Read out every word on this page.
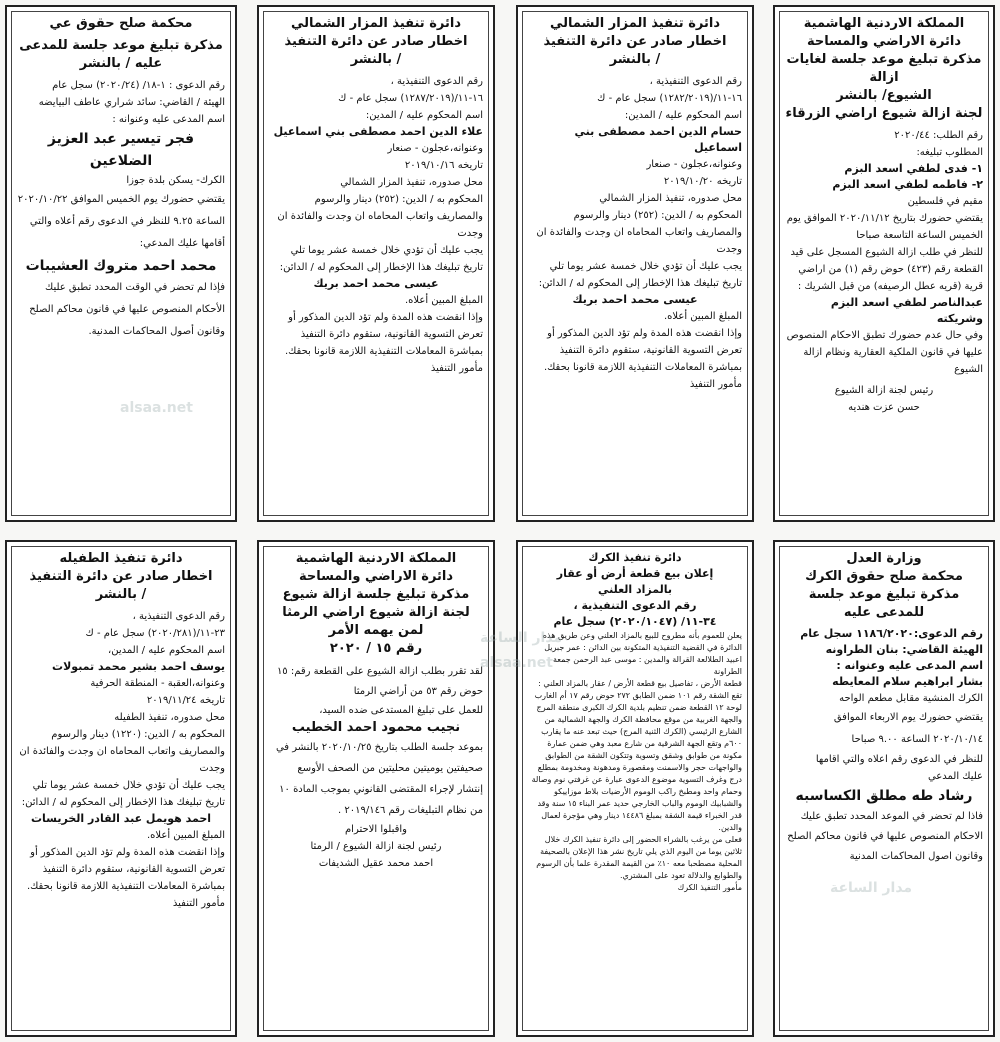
المملكة الاردنية الهاشمية
دائرة الاراضي والمساحة
مذكرة تبليغ موعد جلسة لغايات ازالة
الشيوع/ بالنشر
لجنة ازالة شيوع اراضي الزرقاء
رقم الطلب: ٢٠٢٠/٤٤
المطلوب تبليغه:
١- فدى لطفي اسعد البزم
٢- فاطمه لطفي اسعد البزم
مقيم في فلسطين
يقتضي حضورك بتاريخ ٢٠٢٠/١١/١٢ الموافق يوم الخميس الساعة التاسعة صباحا
للنظر في طلب ازالة الشيوع المسجل على قيد القطعة رقم (٤٢٣) حوض رقم (١) من اراضي قرية (قريه عطل الرصيفه) من قبل الشريك :
عبدالناصر لطفي اسعد البزم وشريكته
وفي حال عدم حضورك تطبق الاحكام المنصوص عليها في قانون الملكية العقارية ونظام ازالة الشيوع
رئيس لجنة ازالة الشيوع
حسن عزت هنديه
دائرة تنفيذ المزار الشمالي
اخطار صادر عن دائرة التنفيذ
/ بالنشر
رقم الدعوى التنفيذية ،
١٦-١١/(١٢٨٢/٢٠١٩) سجل عام - ك
اسم المحكوم عليه / المدين:
حسام الدين احمد مصطفى بني اسماعيل
وعنوانه،عجلون - صنعار
تاريخه ٢٠١٩/١٠/٢٠
محل صدوره، تنفيذ المزار الشمالي
المحكوم به / الدين: (٢٥٢) دينار والرسوم والمصاريف واتعاب المحاماه ان وجدت والفائدة ان وجدت
يجب عليك أن تؤدي خلال خمسة عشر يوما تلي تاريخ تبليغك هذا الإخطار إلى المحكوم له / الدائن:
عيسى محمد احمد بريك
المبلغ المبين أعلاه.
وإذا انقضت هذه المدة ولم تؤد الدين المذكور أو تعرض التسوية القانونية، ستقوم دائرة التنفيذ بمباشرة المعاملات التنفيذية اللازمة قانونا بحقك.
مأمور التنفيذ
دائرة تنفيذ المزار الشمالي
اخطار صادر عن دائرة التنفيذ
/ بالنشر
رقم الدعوى التنفيذية ،
١٦-١١/(١٢٨٧/٢٠١٩) سجل عام - ك
اسم المحكوم عليه / المدين:
علاء الدين احمد مصطفى بني اسماعيل
وعنوانه،عجلون - صنعار
تاريخه ٢٠١٩/١٠/١٦
محل صدوره، تنفيذ المزار الشمالي
المحكوم به / الدين: (٢٥٢) دينار والرسوم والمصاريف واتعاب المحاماه ان وجدت والفائدة ان وجدت
يجب عليك أن تؤدي خلال خمسة عشر يوما تلي تاريخ تبليغك هذا الإخطار إلى المحكوم له / الدائن:
عيسى محمد احمد بريك
المبلغ المبين أعلاه.
وإذا انقضت هذه المدة ولم تؤد الدين المذكور أو تعرض التسوية القانونية، ستقوم دائرة التنفيذ بمباشرة المعاملات التنفيذية اللازمة قانونا بحقك.
مأمور التنفيذ
محكمة صلح حقوق عي
مذكرة تبليغ موعد جلسة للمدعى
عليه / بالنشر
رقم الدعوى : ١-١٨/ (٢٠٢٠/٢٤) سجل عام
الهيئة / القاضي: سائد شراري عاطف البيايضه
اسم المدعى عليه وعنوانه :
فجر تيسير عبد العزيز الضلاعين
الكرك- يسكن بلدة جوزا
يقتضي حضورك يوم الخميس الموافق ٢٠٢٠/١٠/٢٢ الساعة ٩.٢٥ للنظر في الدعوى رقم أعلاه والتي أقامها عليك المدعي:
محمد احمد متروك العشيبات
فإذا لم تحضر في الوقت المحدد تطبق عليك الأحكام المنصوص عليها في قانون محاكم الصلح وقانون أصول المحاكمات المدنية.
وزارة العدل
محكمة صلح حقوق الكرك
مذكرة تبليغ موعد جلسة للمدعى عليه
رقم الدعوى:١١٨٦/٢٠٢٠ سجل عام
الهيئة القاضي: بنان الطراونه
اسم المدعى عليه وعنوانه :
بشار ابراهيم سلام المعايطه
الكرك المنشية مقابل مطعم الواحه
يقتضي حضورك يوم الاربعاء الموافق ٢٠٢٠/١٠/١٤ الساعة ٩.٠٠ صباحا
للنظر في الدعوى رقم اعلاه والتي اقامها
عليك المدعي
رشاد طه مطلق الكساسبه
فاذا لم تحضر في الموعد المحدد تطبق عليك الاحكام المنصوص عليها في قانون محاكم الصلح وقانون اصول المحاكمات المدنية
دائرة تنفيذ الكرك
إعلان بيع قطعة أرض أو عقار
بالمزاد العلني
رقم الدعوى التنفيذية ،
٣٤-١١/ (٢٠٢٠/١٠٤٧) سجل عام
يعلن للعموم بأنه مطروح للبيع بالمزاد العلني وعن طريق هذه الدائرة في القضية التنفيذية المتكونة بين الدائن : عمر جبريل اعبيد الطلالعة القرالة والمدين : موسى عبد الرحمن جمعة الطراونة
قطعة الأرض ، تفاصيل بيع قطعة الأرض / عقار بالمزاد العلني :
تقع الشقة رقم ١٠١ ضمن الطابق ٢٧٢ حوض رقم ١٧ أم الغارب لوحة ١٢ القطعة ضمن تنظيم بلدية الكرك الكبرى منطقة المرج والجهة الغربية من موقع محافظة الكرك والجهة الشمالية من الشارع الرئيسي (الكرك الثنية المرج) حيث تبعد عنه ما يقارب ٦٠٠م وتقع الجهة الشرقية من شارع معبد وهي ضمن عمارة مكونة من طوابق وشقق وتسوية وتتكون الشقة من الطوابق والواجهات حجر والاسمنت ومقصورة ومدهونة ومخدومة بمطلع درج وغرف التسوية موضوع الدعوى عبارة عن غرفتي نوم وصالة وحمام واحد ومطبخ راكب الوموم الأرضيات بلاط موزاييكو والشبابيك الوموم والباب الخارجي حديد عمر البناء ١٥ سنة وقد قدر الخبراء قيمة الشقة بمبلغ ١٤٤٨٦ دينار وهي مؤجرة لعمال والدين.
فعلى من يرغب بالشراء الحضور إلى دائرة تنفيذ الكرك خلال ثلاثين يوما من اليوم الذي يلي تاريخ نشر هذا الإعلان بالصحيفة المحلية مصطحبا معه ١٠٪ من القيمة المقدرة علما بأن الرسوم والطوابع والدلالة تعود على المشتري.
مأمور التنفيذ الكرك
المملكة الاردنية الهاشمية
دائرة الاراضي والمساحة
مذكرة تبليغ جلسة ازالة شيوع
لجنة ازالة شيوع اراضي الرمثا
لمن يهمه الأمر
رقم ١٥ / ٢٠٢٠
لقد تقرر بطلب ازالة الشيوع على القطعة رقم: ١٥ حوض رقم ٥٣ من أراضي الرمثا
للعمل على تبليغ المستدعى ضده السيد،
نجيب محمود احمد الخطيب
بموعد جلسة الطلب بتاريخ ٢٠٢٠/١٠/٢٥ بالنشر في صحيفتين يوميتين محليتين من الصحف الأوسع إنتشار لإجراء المقتضى القانوني بموجب المادة ١٠ من نظام التبليغات رقم ٢٠١٩/١٤٦ .
واقبلوا الاحترام
رئيس لجنة ازالة الشيوع / الرمثا
احمد محمد عقيل الشديفات
دائرة تنفيذ الطفيله
اخطار صادر عن دائرة التنفيذ
/ بالنشر
رقم الدعوى التنفيذية ،
٢٣-١١/(٢٠٢٠/٢٨١) سجل عام - ك
اسم المحكوم عليه / المدين،
يوسف احمد بشير محمد تمبولات
وعنوانه،العقبة - المنطقة الحرفية
تاريخه ٢٠١٩/١١/٢٤
محل صدوره، تنفيذ الطفيله
المحكوم به / الدين: (١٢٢٠) دينار والرسوم والمصاريف واتعاب المحاماه ان وجدت والفائدة ان وجدت
يجب عليك أن تؤدي خلال خمسة عشر يوما تلي تاريخ تبليغك هذا الإخطار إلى المحكوم له / الدائن:
احمد هويمل عبد القادر الخريسات
المبلغ المبين أعلاه.
وإذا انقضت هذه المدة ولم تؤد الدين المذكور أو تعرض التسوية القانونية، ستقوم دائرة التنفيذ بمباشرة المعاملات التنفيذية اللازمة قانونا بحقك.
مأمور التنفيذ
alsaa.net
مدار الساعة
alsaa.net
مدار الساعة
